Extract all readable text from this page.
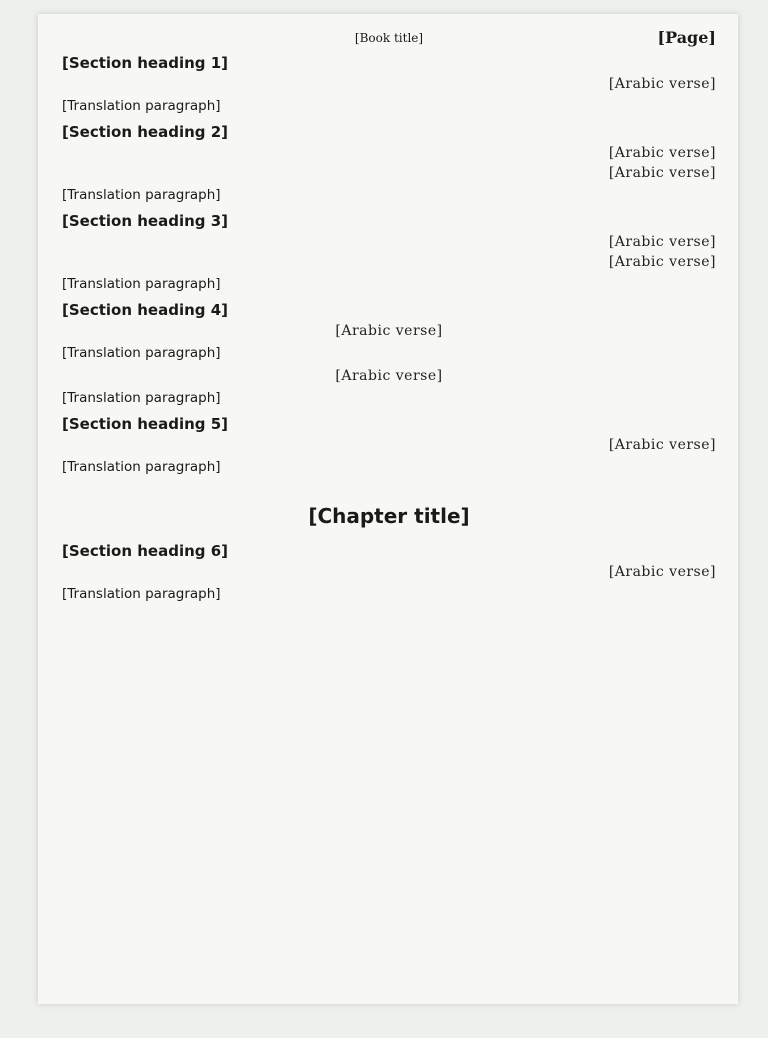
[Book title]	[Page]
[Section heading 1]
[Arabic verse]

[Translation paragraph]

[Section heading 2]
[Arabic verse]
[Arabic verse]

[Translation paragraph]

[Section heading 3]
[Arabic verse]
[Arabic verse]

[Translation paragraph]

[Section heading 4]
[Arabic verse]

[Translation paragraph]

[Arabic verse]

[Translation paragraph]

[Section heading 5]
[Arabic verse]

[Translation paragraph]

[Chapter title]
[Section heading 6]
[Arabic verse]

[Translation paragraph]
